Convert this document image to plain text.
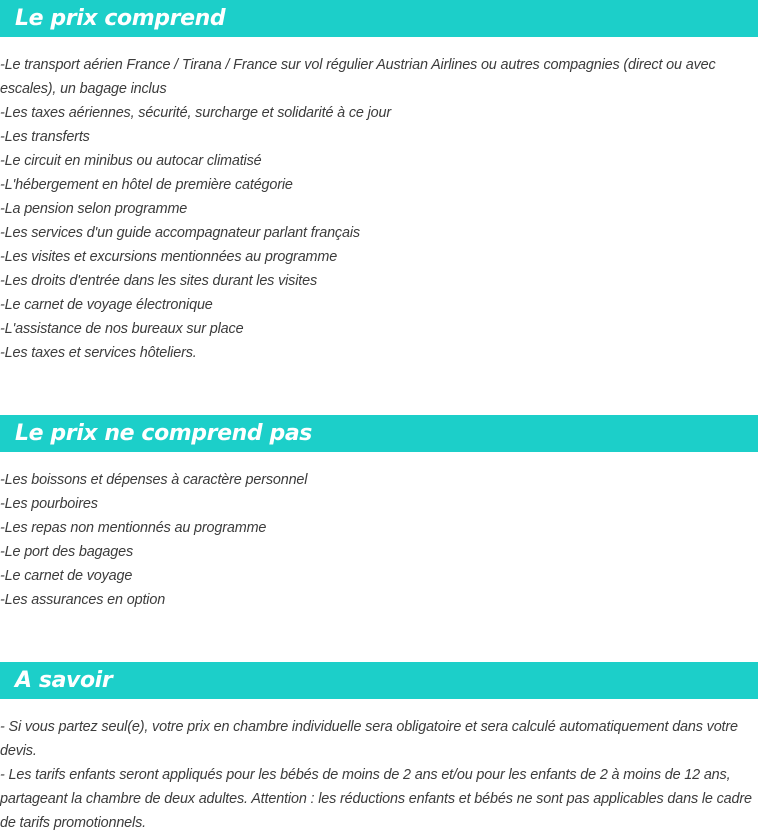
Le prix comprend
-Le transport aérien France / Tirana / France sur vol régulier Austrian Airlines ou autres compagnies (direct ou avec escales), un bagage inclus
-Les taxes aériennes, sécurité, surcharge et solidarité à ce jour
-Les transferts
-Le circuit en minibus ou autocar climatisé
-L'hébergement en hôtel de première catégorie
-La pension selon programme
-Les services d'un guide accompagnateur parlant français
-Les visites et excursions mentionnées au programme
-Les droits d'entrée dans les sites durant les visites
-Le carnet de voyage électronique
-L'assistance de nos bureaux sur place
-Les taxes et services hôteliers.
Le prix ne comprend pas
-Les boissons et dépenses à caractère personnel
-Les pourboires
-Les repas non mentionnés au programme
-Le port des bagages
-Le carnet de voyage
-Les assurances en option
A savoir

- Si vous partez seul(e), votre prix en chambre individuelle sera obligatoire et sera calculé automatiquement dans votre devis.

- Les tarifs enfants seront appliqués pour les bébés de moins de 2 ans et/ou pour les enfants de 2 à moins de 12 ans, partageant la chambre de deux adultes. Attention : les réductions enfants et bébés ne sont pas applicables dans le cadre de tarifs promotionnels.
